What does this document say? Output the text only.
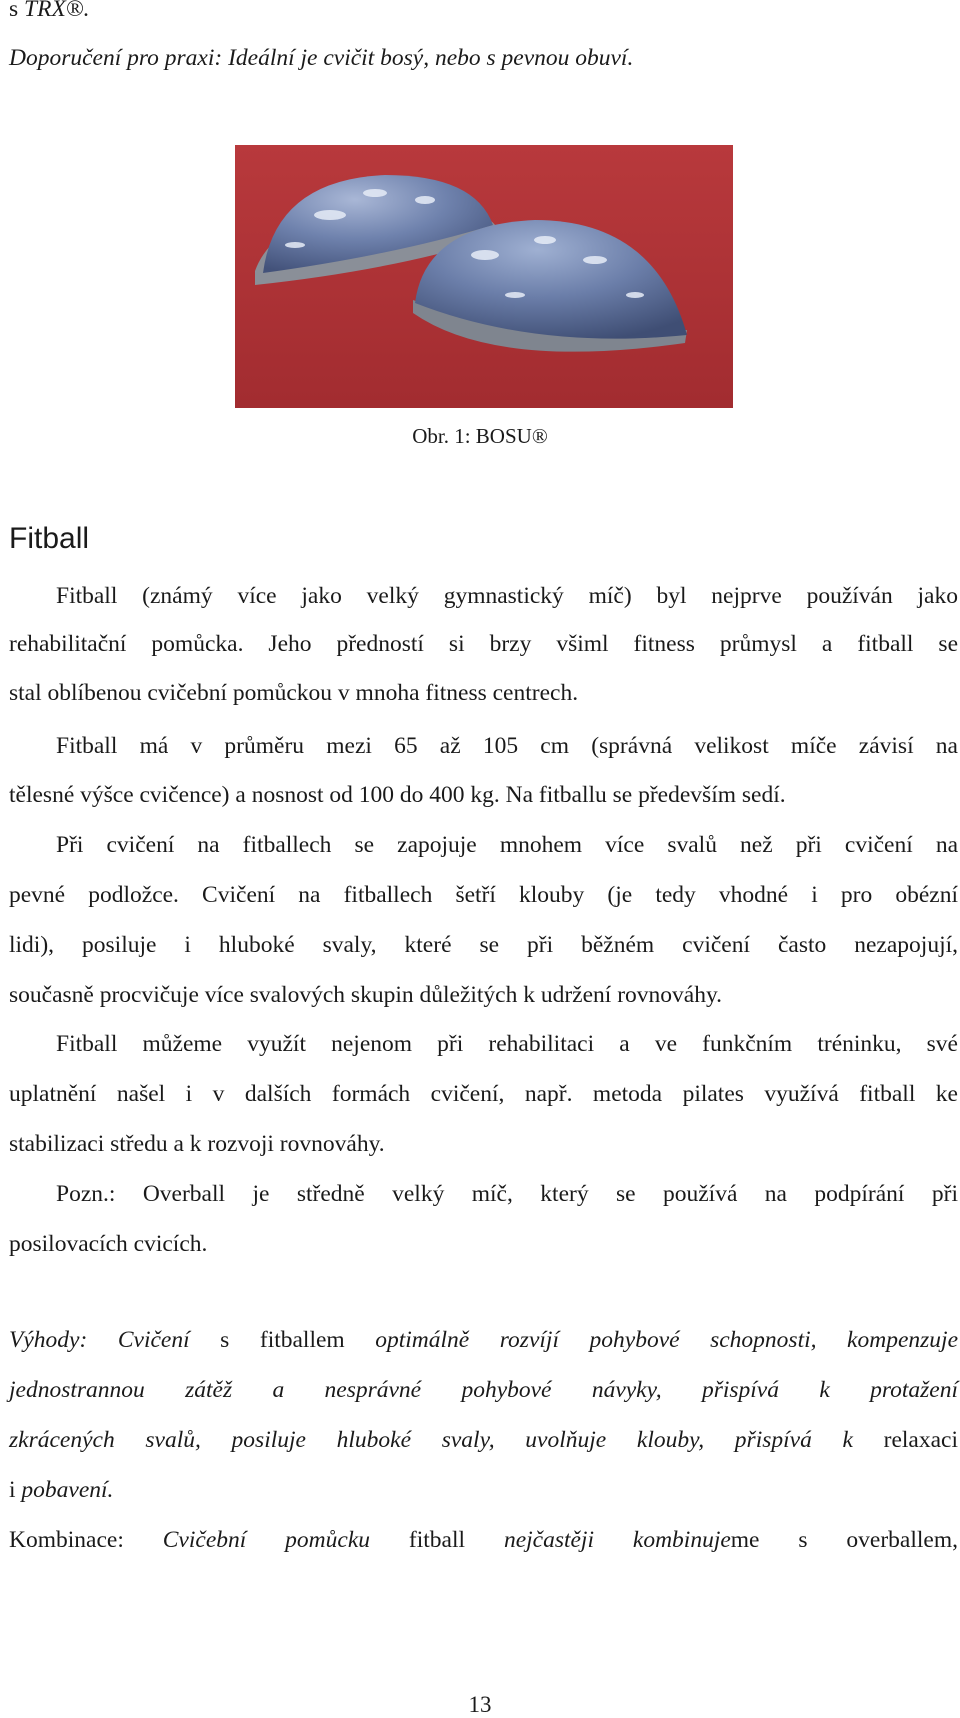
s TRX®.
Doporučení pro praxi: Ideální je cvičit bosý, nebo s pevnou obuví.
Obr. 1: BOSU®
Fitball
Fitball (známý více jako velký gymnastický míč) byl nejprve používán jako
rehabilitační pomůcka. Jeho předností si brzy všiml fitness průmysl a fitball se
stal oblíbenou cvičební pomůckou v mnoha fitness centrech.
Fitball má v průměru mezi 65 až 105 cm (správná velikost míče závisí na
tělesné výšce cvičence) a nosnost od 100 do 400 kg. Na fitballu se především sedí.
Při cvičení na fitballech se zapojuje mnohem více svalů než při cvičení na
pevné podložce. Cvičení na fitballech šetří klouby (je tedy vhodné i pro obézní
lidi), posiluje i hluboké svaly, které se při běžném cvičení často nezapojují,
současně procvičuje více svalových skupin důležitých k udržení rovnováhy.
Fitball můžeme využít nejenom při rehabilitaci a ve funkčním tréninku, své
uplatnění našel i v dalších formách cvičení, např. metoda pilates využívá fitball ke
stabilizaci středu a k rozvoji rovnováhy.
Pozn.: Overball je středně velký míč, který se používá na podpírání při
posilovacích cvicích.
Výhody: Cvičení s fitballem optimálně rozvíjí pohybové schopnosti, kompenzuje
jednostrannou zátěž a nesprávné pohybové návyky, přispívá k protažení
zkrácených svalů, posiluje hluboké svaly, uvolňuje klouby, přispívá k relaxaci
i pobavení.
Kombinace: Cvičební pomůcku fitball nejčastěji kombinujeme s overballem,
13
